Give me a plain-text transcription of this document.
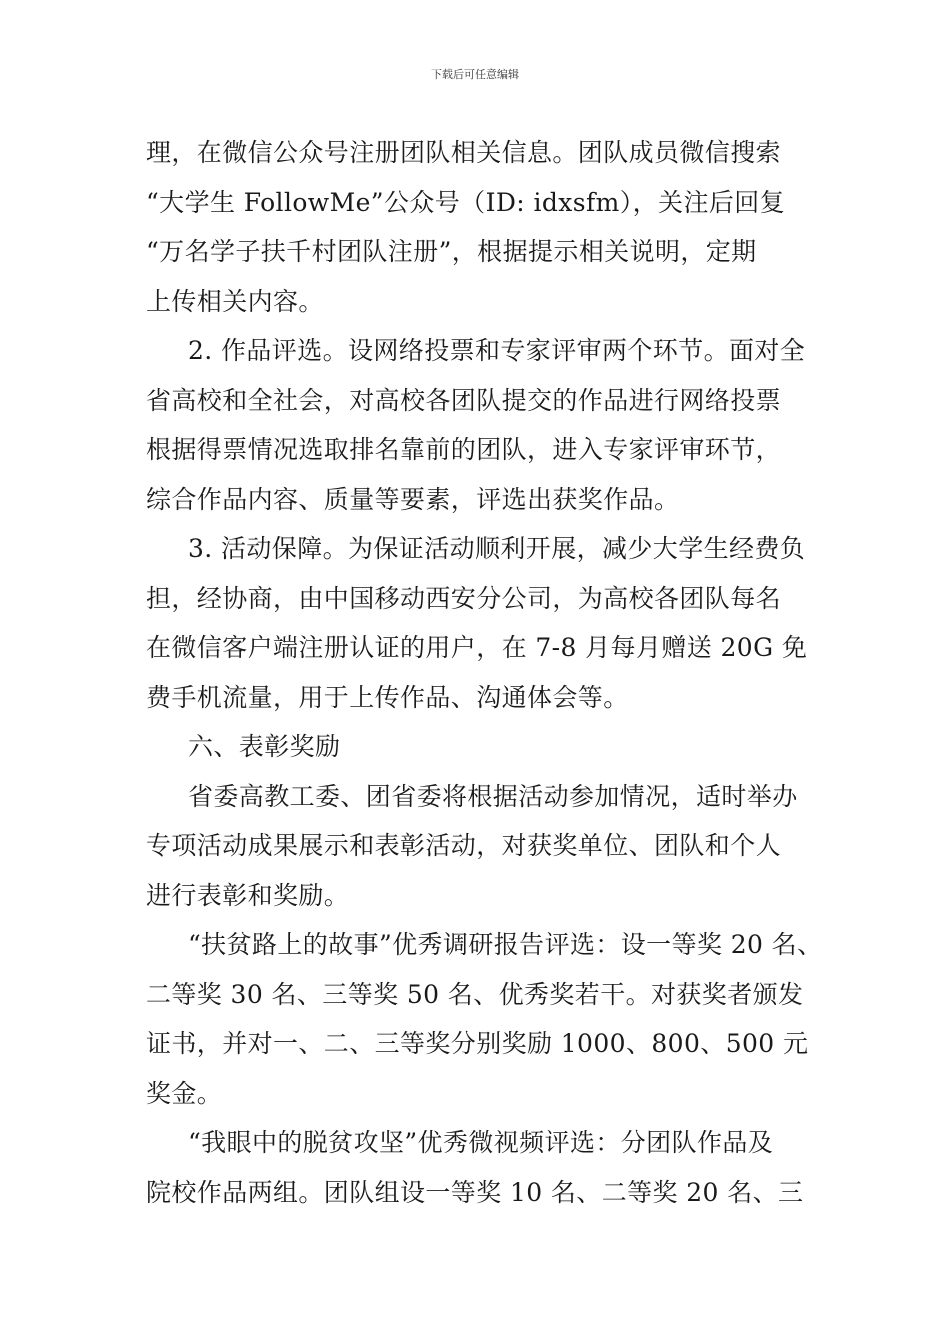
下载后可任意编辑
理，在微信公众号注册团队相关信息。团队成员微信搜索
“大学生 FollowMe”公众号（ID: idxsfm），关注后回复
“万名学子扶千村团队注册”，根据提示相关说明，定期
上传相关内容。
2. 作品评选。设网络投票和专家评审两个环节。面对全
省高校和全社会，对高校各团队提交的作品进行网络投票
根据得票情况选取排名靠前的团队，进入专家评审环节，
综合作品内容、质量等要素，评选出获奖作品。
3. 活动保障。为保证活动顺利开展，减少大学生经费负
担，经协商，由中国移动西安分公司，为高校各团队每名
在微信客户端注册认证的用户，在 7-8 月每月赠送 20G 免
费手机流量，用于上传作品、沟通体会等。
六、表彰奖励
省委高教工委、团省委将根据活动参加情况，适时举办
专项活动成果展示和表彰活动，对获奖单位、团队和个人
进行表彰和奖励。
“扶贫路上的故事”优秀调研报告评选：设一等奖 20 名、
二等奖 30 名、三等奖 50 名、优秀奖若干。对获奖者颁发
证书，并对一、二、三等奖分别奖励 1000、800、500 元
奖金。
“我眼中的脱贫攻坚”优秀微视频评选：分团队作品及
院校作品两组。团队组设一等奖 10 名、二等奖 20 名、三
